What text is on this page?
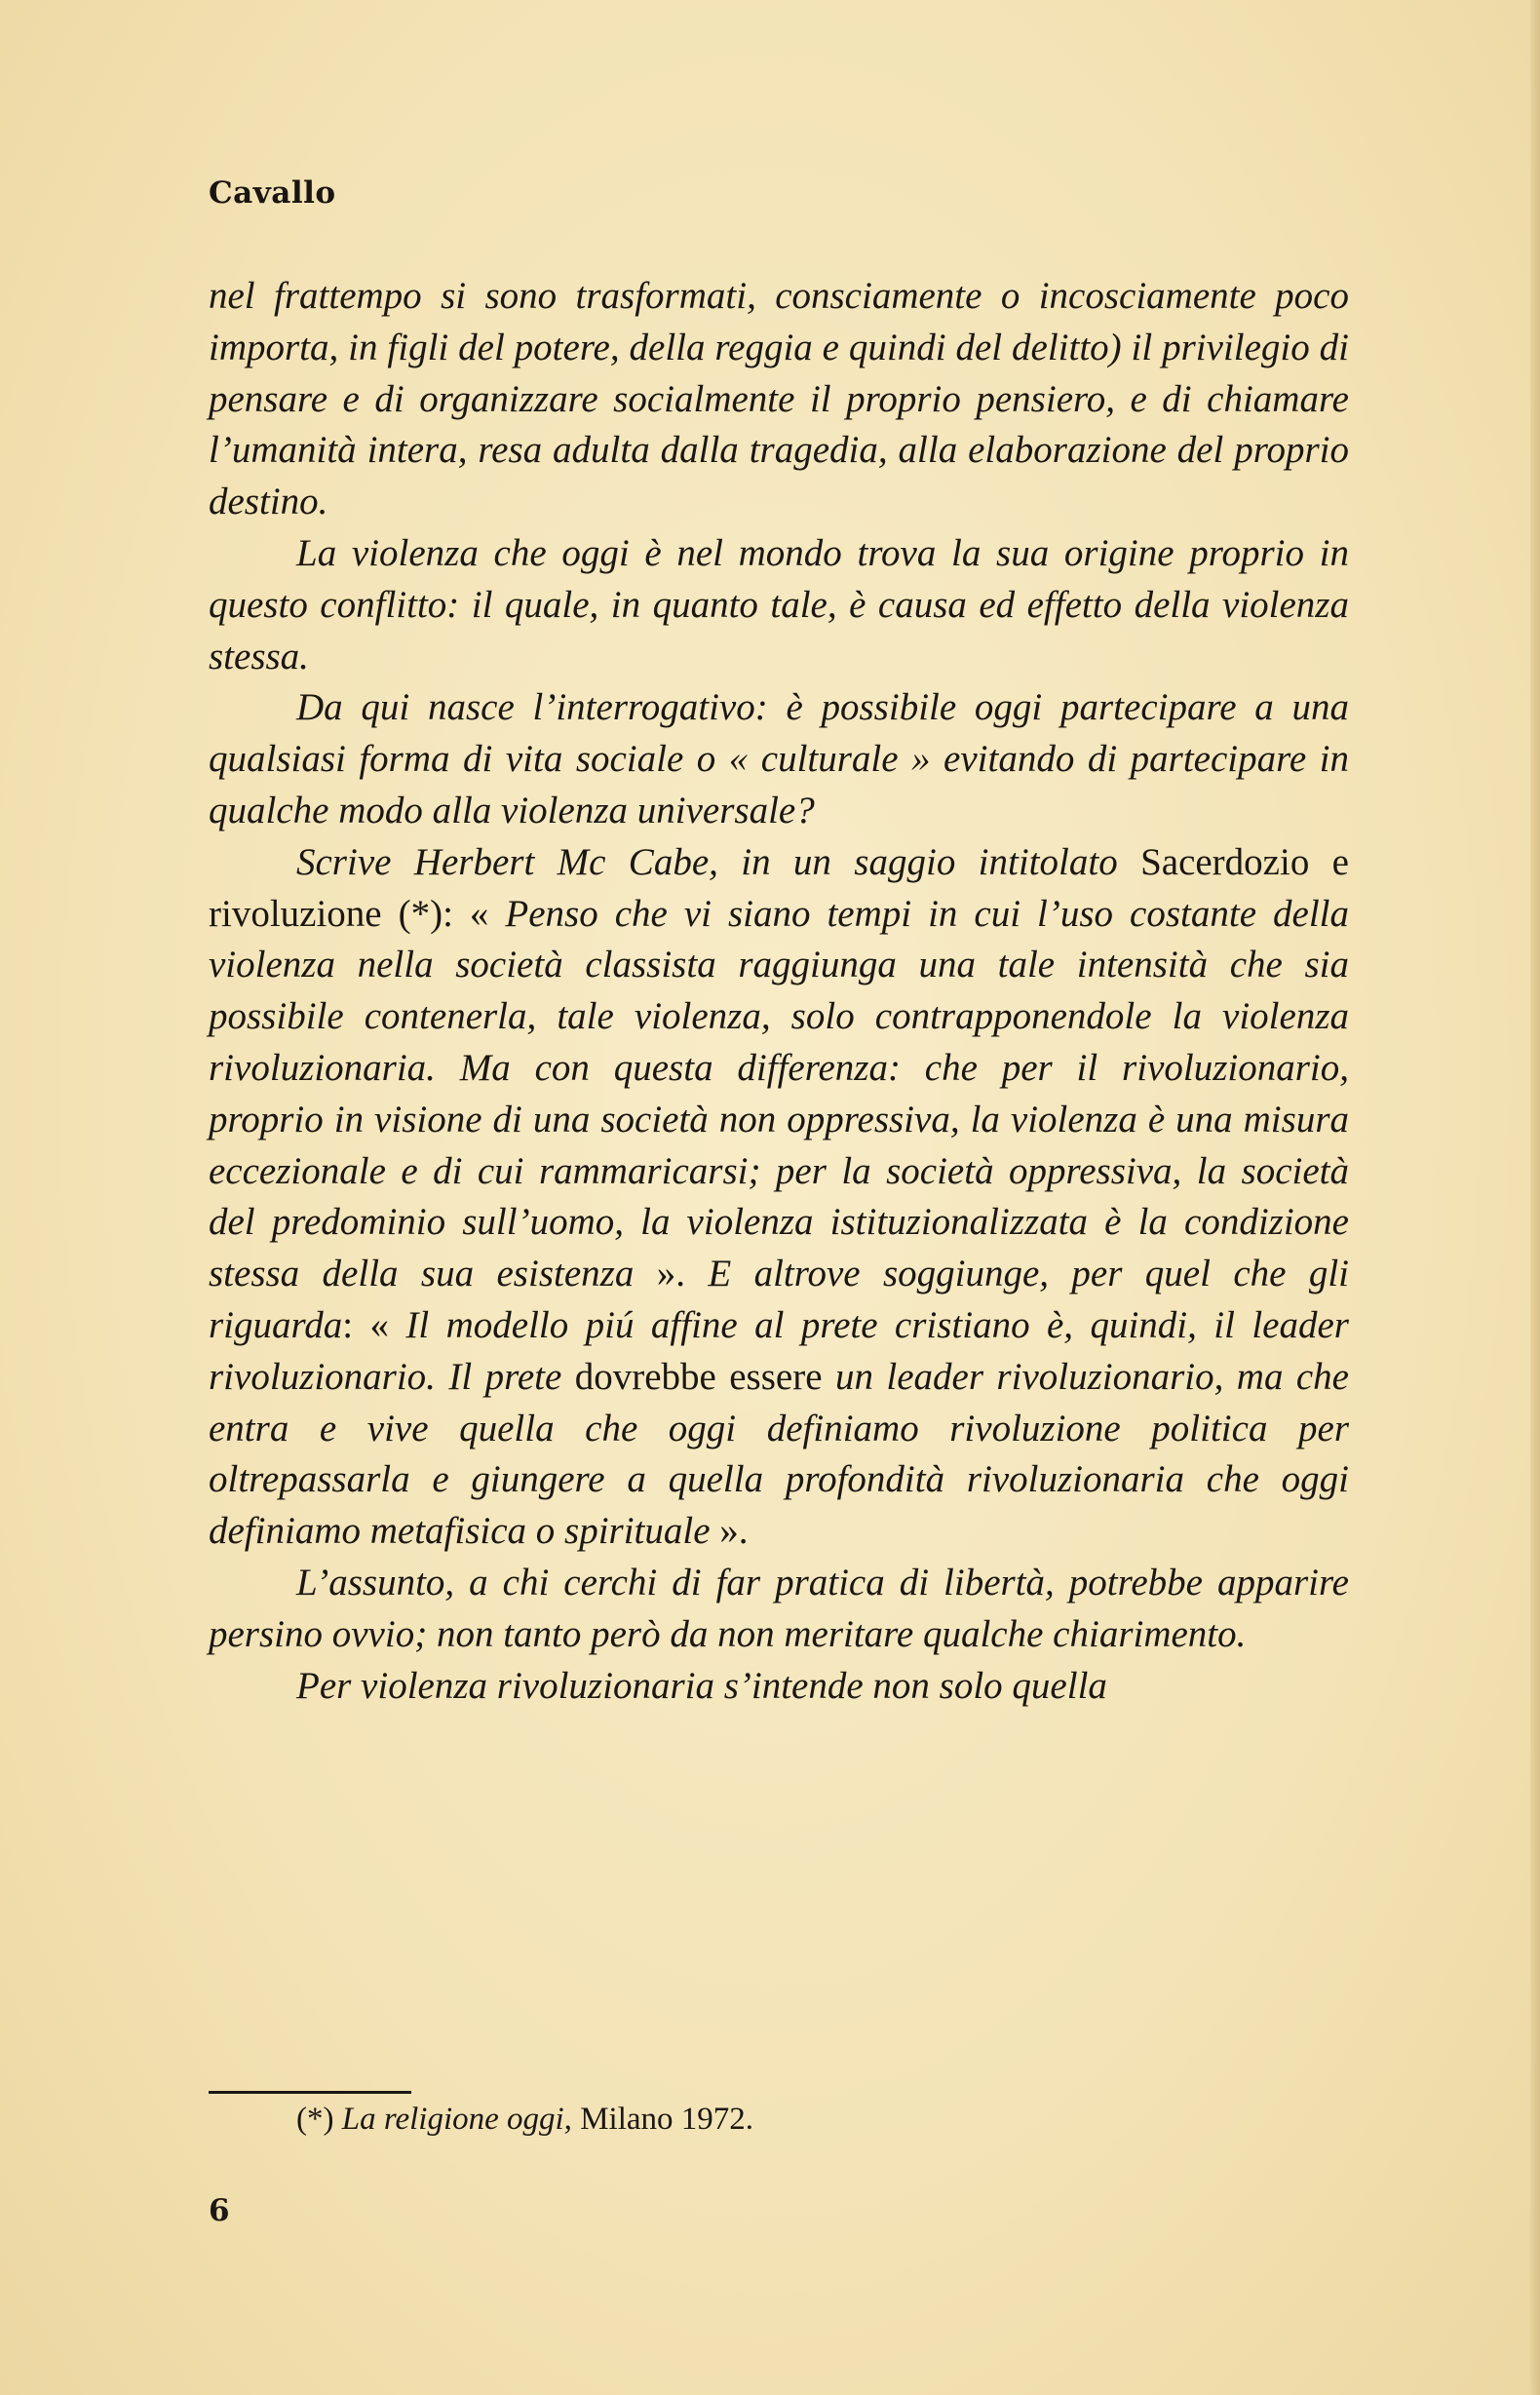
Cavallo

nel frattempo si sono trasformati, consciamente o incosciamente poco importa, in figli del potere, della reggia e quindi del delitto) il privilegio di pensare e di organizzare socialmente il proprio pensiero, e di chiamare l’umanità intera, resa adulta dalla tragedia, alla elaborazione del proprio destino.

La violenza che oggi è nel mondo trova la sua origine proprio in questo conflitto: il quale, in quanto tale, è causa ed effetto della violenza stessa.

Da qui nasce l’interrogativo: è possibile oggi partecipare a una qualsiasi forma di vita sociale o « culturale » evitando di partecipare in qualche modo alla violenza universale?

Scrive Herbert Mc Cabe, in un saggio intitolato Sacerdozio e rivoluzione (*): « Penso che vi siano tempi in cui l’uso costante della violenza nella società classista raggiunga una tale intensità che sia possibile contenerla, tale violenza, solo contrapponendole la violenza rivoluzionaria. Ma con questa differenza: che per il rivoluzionario, proprio in visione di una società non oppressiva, la violenza è una misura eccezionale e di cui rammaricarsi; per la società oppressiva, la società del predominio sull’uomo, la violenza istituzionalizzata è la condizione stessa della sua esistenza ». E altrove soggiunge, per quel che gli riguarda: « Il modello piú affine al prete cristiano è, quindi, il leader rivoluzionario. Il prete dovrebbe essere un leader rivoluzionario, ma che entra e vive quella che oggi definiamo rivoluzione politica per oltrepassarla e giungere a quella profondità rivoluzionaria che oggi definiamo metafisica o spirituale ».

L’assunto, a chi cerchi di far pratica di libertà, potrebbe apparire persino ovvio; non tanto però da non meritare qualche chiarimento.

Per violenza rivoluzionaria s’intende non solo quella

(*) La religione oggi, Milano 1972.
6
